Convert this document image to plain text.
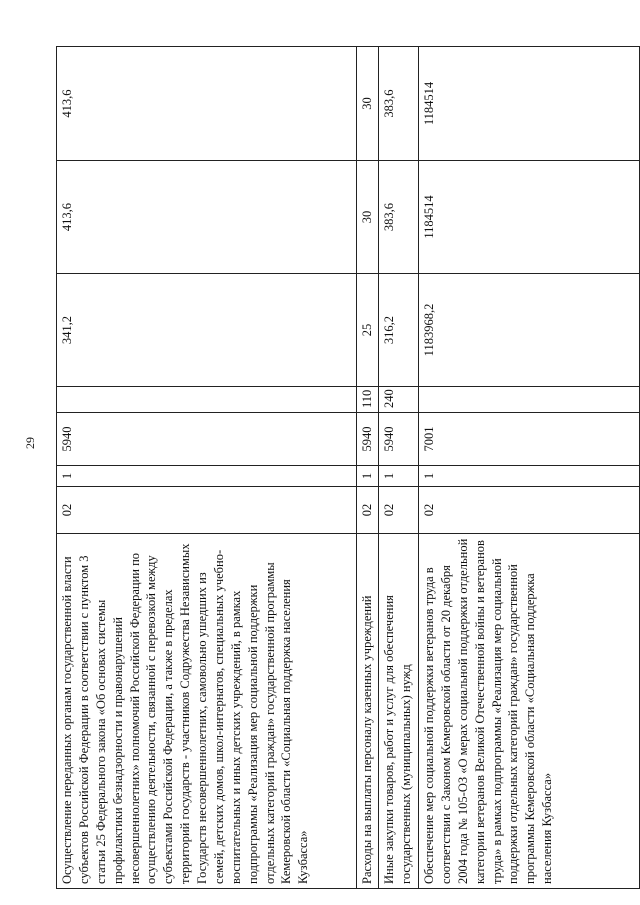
29
Осуществление переданных органам государственной власти субъектов Российской Федерации в соответствии с пунктом 3 статьи 25 Федерального закона «Об основах системы профилактики безнадзорности и правонарушений несовершеннолетних» полномочий Российской Федерации по осуществлению деятельности, связанной с перевозкой между субъектами Российской Федерации, а также в пределах территорий государств - участников Содружества Независимых Государств несовершеннолетних, самовольно ушедших из семей, детских домов, школ-интернатов, специальных учебно-воспитательных и иных детских учреждений, в рамках подпрограммы «Реализация мер социальной поддержки отдельных категорий граждан» государственной программы Кемеровской области «Социальная поддержка населения Кузбасса»	02	1	5940		341,2	413,6	413,6
Расходы на выплаты персоналу казенных учреждений	02	1	5940	110	25	30	30
Иные закупки товаров, работ и услуг для обеспечения государственных (муниципальных) нужд	02	1	5940	240	316,2	383,6	383,6
Обеспечение мер социальной поддержки ветеранов труда в соответствии с Законом Кемеровской области от 20 декабря 2004 года № 105-ОЗ «О мерах социальной поддержки отдельной категории ветеранов Великой Отечественной войны и ветеранов труда» в рамках подпрограммы «Реализация мер социальной поддержки отдельных категорий граждан» государственной программы Кемеровской области «Социальная поддержка населения Кузбасса»	02	1	7001		1183968,2	1184514	1184514
